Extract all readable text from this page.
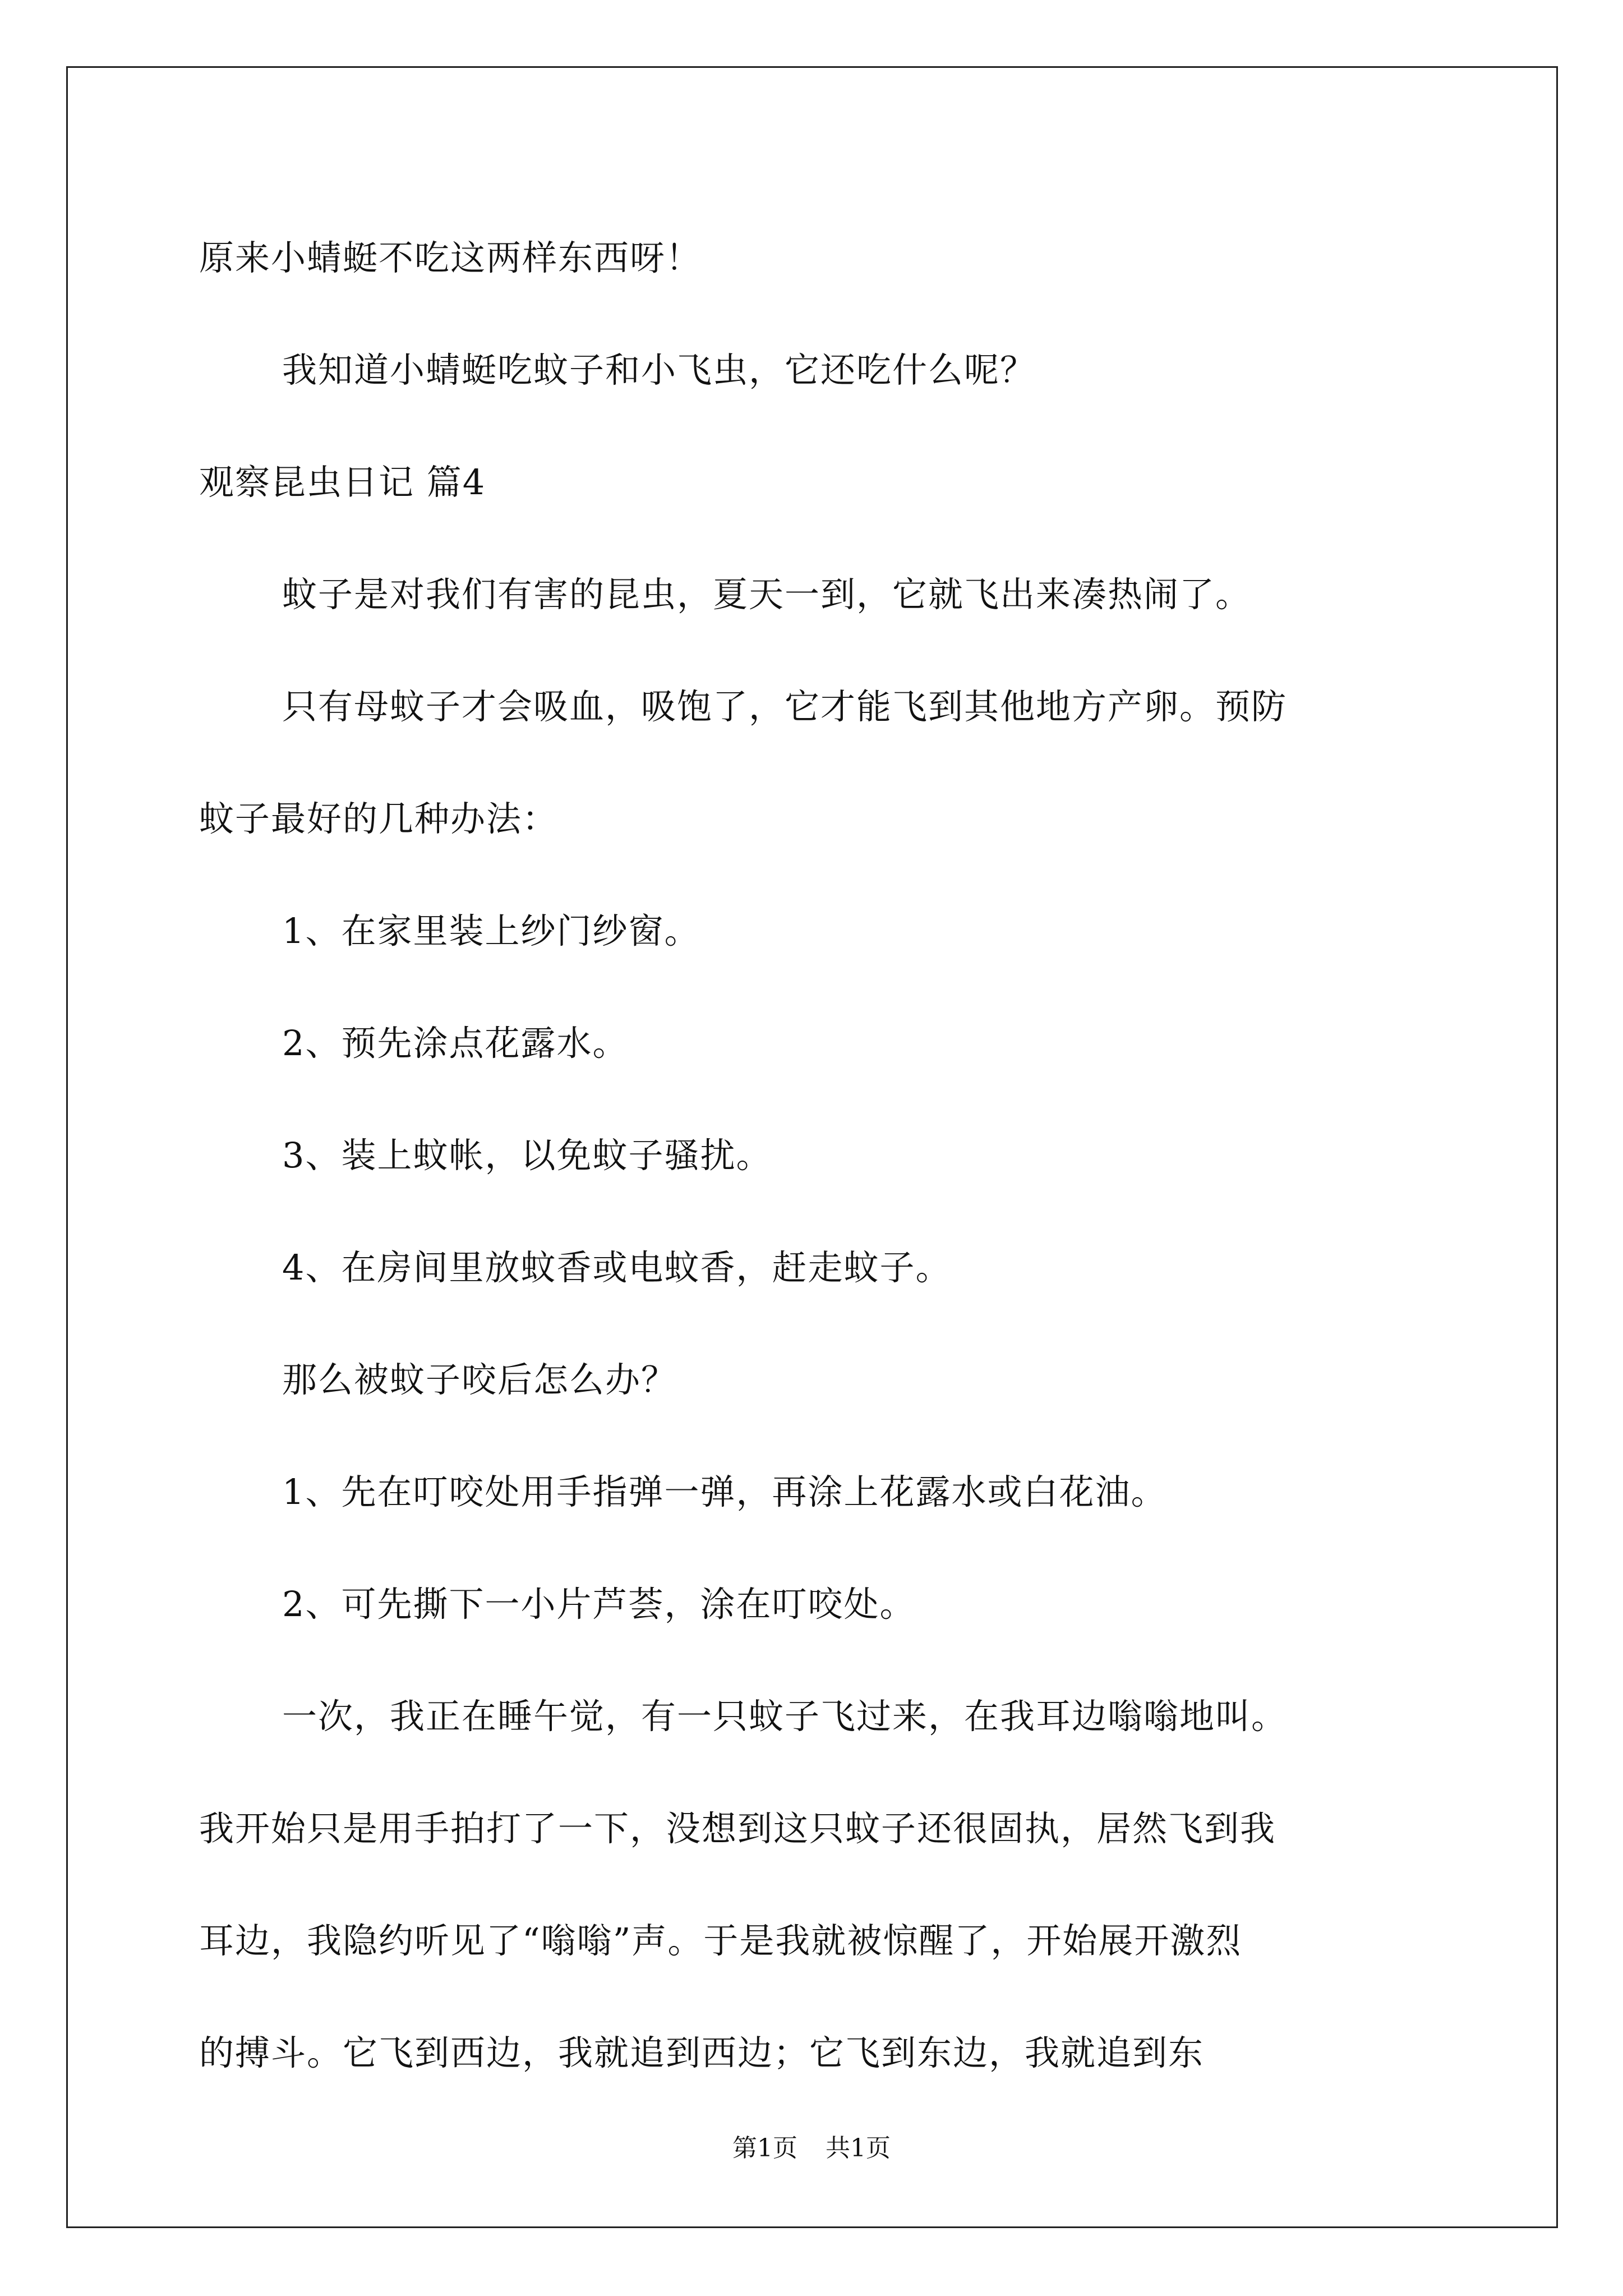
原来小蜻蜓不吃这两样东西呀！
我知道小蜻蜓吃蚊子和小飞虫，它还吃什么呢？
观察昆虫日记 篇4
蚊子是对我们有害的昆虫，夏天一到，它就飞出来凑热闹了。
只有母蚊子才会吸血，吸饱了，它才能飞到其他地方产卵。预防
蚊子最好的几种办法：
1、在家里装上纱门纱窗。
2、预先涂点花露水。
3、装上蚊帐，以免蚊子骚扰。
4、在房间里放蚊香或电蚊香，赶走蚊子。
那么被蚊子咬后怎么办？
1、先在叮咬处用手指弹一弹，再涂上花露水或白花油。
2、可先撕下一小片芦荟，涂在叮咬处。
一次，我正在睡午觉，有一只蚊子飞过来，在我耳边嗡嗡地叫。
我开始只是用手拍打了一下，没想到这只蚊子还很固执，居然飞到我
耳边，我隐约听见了“嗡嗡”声。于是我就被惊醒了，开始展开激烈
的搏斗。它飞到西边，我就追到西边；它飞到东边，我就追到东
第1页 共1页
